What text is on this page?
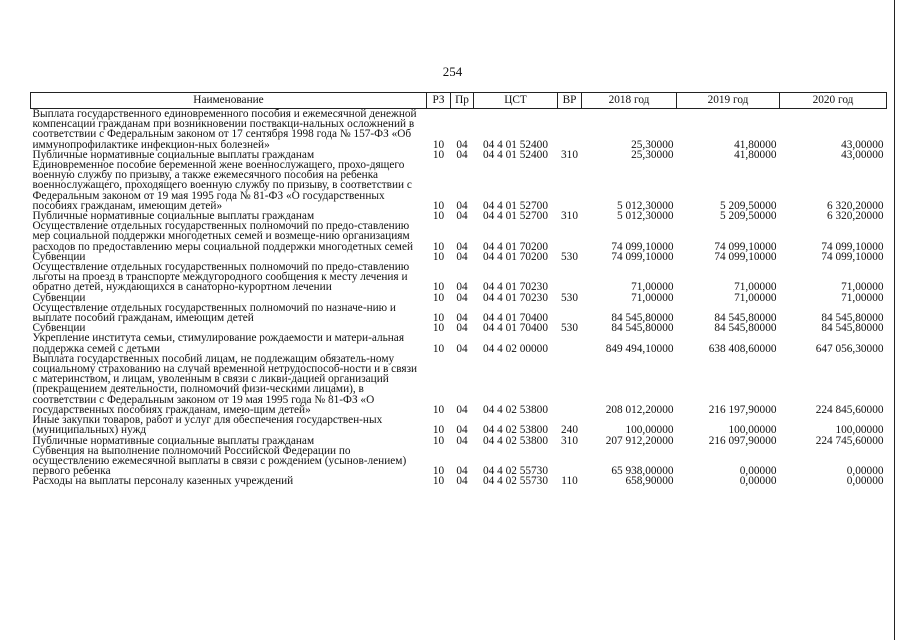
254
Наименование	РЗ	Пр	ЦСТ	ВР	2018 год	2019 год	2020 год
Выплата государственного единовременного пособия и ежемесячной денежной компенсации гражданам при возникновении поствакци-нальных осложнений в соответствии с Федеральным законом от 17 сентября 1998 года № 157-ФЗ «Об иммунопрофилактике инфекцион-ных болезней»	10	04	04 4 01 52400		25,30000	41,80000	43,00000
Публичные нормативные социальные выплаты гражданам	10	04	04 4 01 52400	310	25,30000	41,80000	43,00000
Единовременное пособие беременной жене военнослужащего, прохо-дящего военную службу по призыву, а также ежемесячного пособия на ребенка военнослужащего, проходящего военную службу по призыву, в соответствии с Федеральным законом от 19 мая 1995 года № 81-ФЗ «О государственных пособиях гражданам, имеющим детей»	10	04	04 4 01 52700		5 012,30000	5 209,50000	6 320,20000
Публичные нормативные социальные выплаты гражданам	10	04	04 4 01 52700	310	5 012,30000	5 209,50000	6 320,20000
Осуществление отдельных государственных полномочий по предо-ставлению мер социальной поддержки многодетных семей и возмеще-нию организациям расходов по предоставлению меры социальной поддержки многодетных семей	10	04	04 4 01 70200		74 099,10000	74 099,10000	74 099,10000
Субвенции	10	04	04 4 01 70200	530	74 099,10000	74 099,10000	74 099,10000
Осуществление отдельных государственных полномочий по предо-ставлению льготы на проезд в транспорте междугородного сообщения к месту лечения и обратно детей, нуждающихся в санаторно-курортном лечении	10	04	04 4 01 70230		71,00000	71,00000	71,00000
Субвенции	10	04	04 4 01 70230	530	71,00000	71,00000	71,00000
Осуществление отдельных государственных полномочий по назначе-нию и выплате пособий гражданам, имеющим детей	10	04	04 4 01 70400		84 545,80000	84 545,80000	84 545,80000
Субвенции	10	04	04 4 01 70400	530	84 545,80000	84 545,80000	84 545,80000
Укрепление института семьи, стимулирование рождаемости и матери-альная поддержка семей с детьми	10	04	04 4 02 00000		849 494,10000	638 408,60000	647 056,30000
Выплата государственных пособий лицам, не подлежащим обязатель-ному социальному страхованию на случай временной нетрудоспособ-ности и в связи с материнством, и лицам, уволенным в связи с ликви-дацией организаций (прекращением деятельности, полномочий физи-ческими лицами), в соответствии с Федеральным законом от 19 мая 1995 года № 81-ФЗ «О государственных пособиях гражданам, имею-щим детей»	10	04	04 4 02 53800		208 012,20000	216 197,90000	224 845,60000
Иные закупки товаров, работ и услуг для обеспечения государствен-ных (муниципальных) нужд	10	04	04 4 02 53800	240	100,00000	100,00000	100,00000
Публичные нормативные социальные выплаты гражданам	10	04	04 4 02 53800	310	207 912,20000	216 097,90000	224 745,60000
Субвенция на выполнение полномочий Российской Федерации по осуществлению ежемесячной выплаты в связи с рождением (усынов-лением) первого ребенка	10	04	04 4 02 55730		65 938,00000	0,00000	0,00000
Расходы на выплаты персоналу казенных учреждений	10	04	04 4 02 55730	110	658,90000	0,00000	0,00000
